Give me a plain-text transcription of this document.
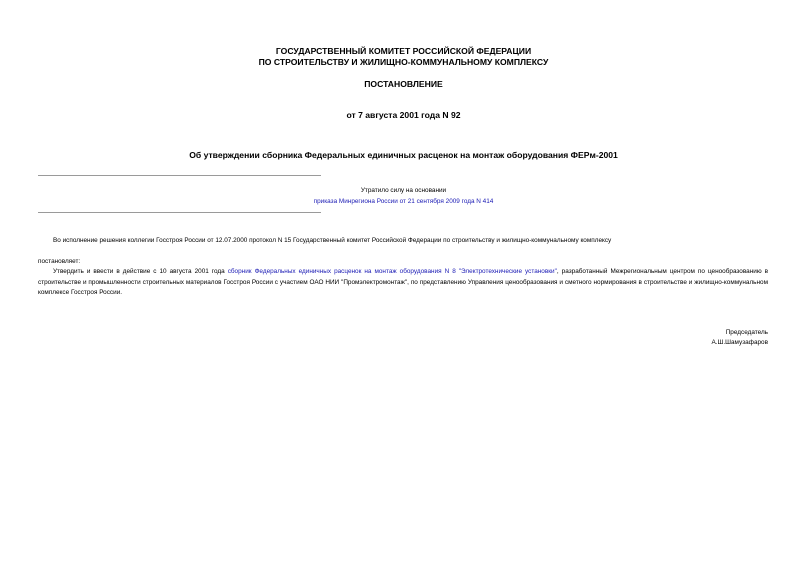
ГОСУДАРСТВЕННЫЙ КОМИТЕТ РОССИЙСКОЙ ФЕДЕРАЦИИ
ПО СТРОИТЕЛЬСТВУ И ЖИЛИЩНО-КОММУНАЛЬНОМУ КОМПЛЕКСУ
ПОСТАНОВЛЕНИЕ
от 7 августа 2001 года N 92
Об утверждении сборника Федеральных единичных расценок на монтаж оборудования ФЕРм-2001
Утратило силу на основании
приказа Минрегиона России от 21 сентября 2009 года N 414
Во исполнение решения коллегии Госстроя России от 12.07.2000 протокол N 15 Государственный комитет Российской Федерации по строительству и жилищно-коммунальному комплексу
постановляет:
Утвердить и ввести в действие с 10 августа 2001 года сборник Федеральных единичных расценок на монтаж оборудования N 8 "Электротехнические установки", разработанный Межрегиональным центром по ценообразованию в строительстве и промышленности строительных материалов Госстроя России с участием ОАО НИИ "Промэлектромонтаж", по представлению Управления ценообразования и сметного нормирования в строительстве и жилищно-коммунальном комплексе Госстроя России.
Председатель
А.Ш.Шамузафаров
